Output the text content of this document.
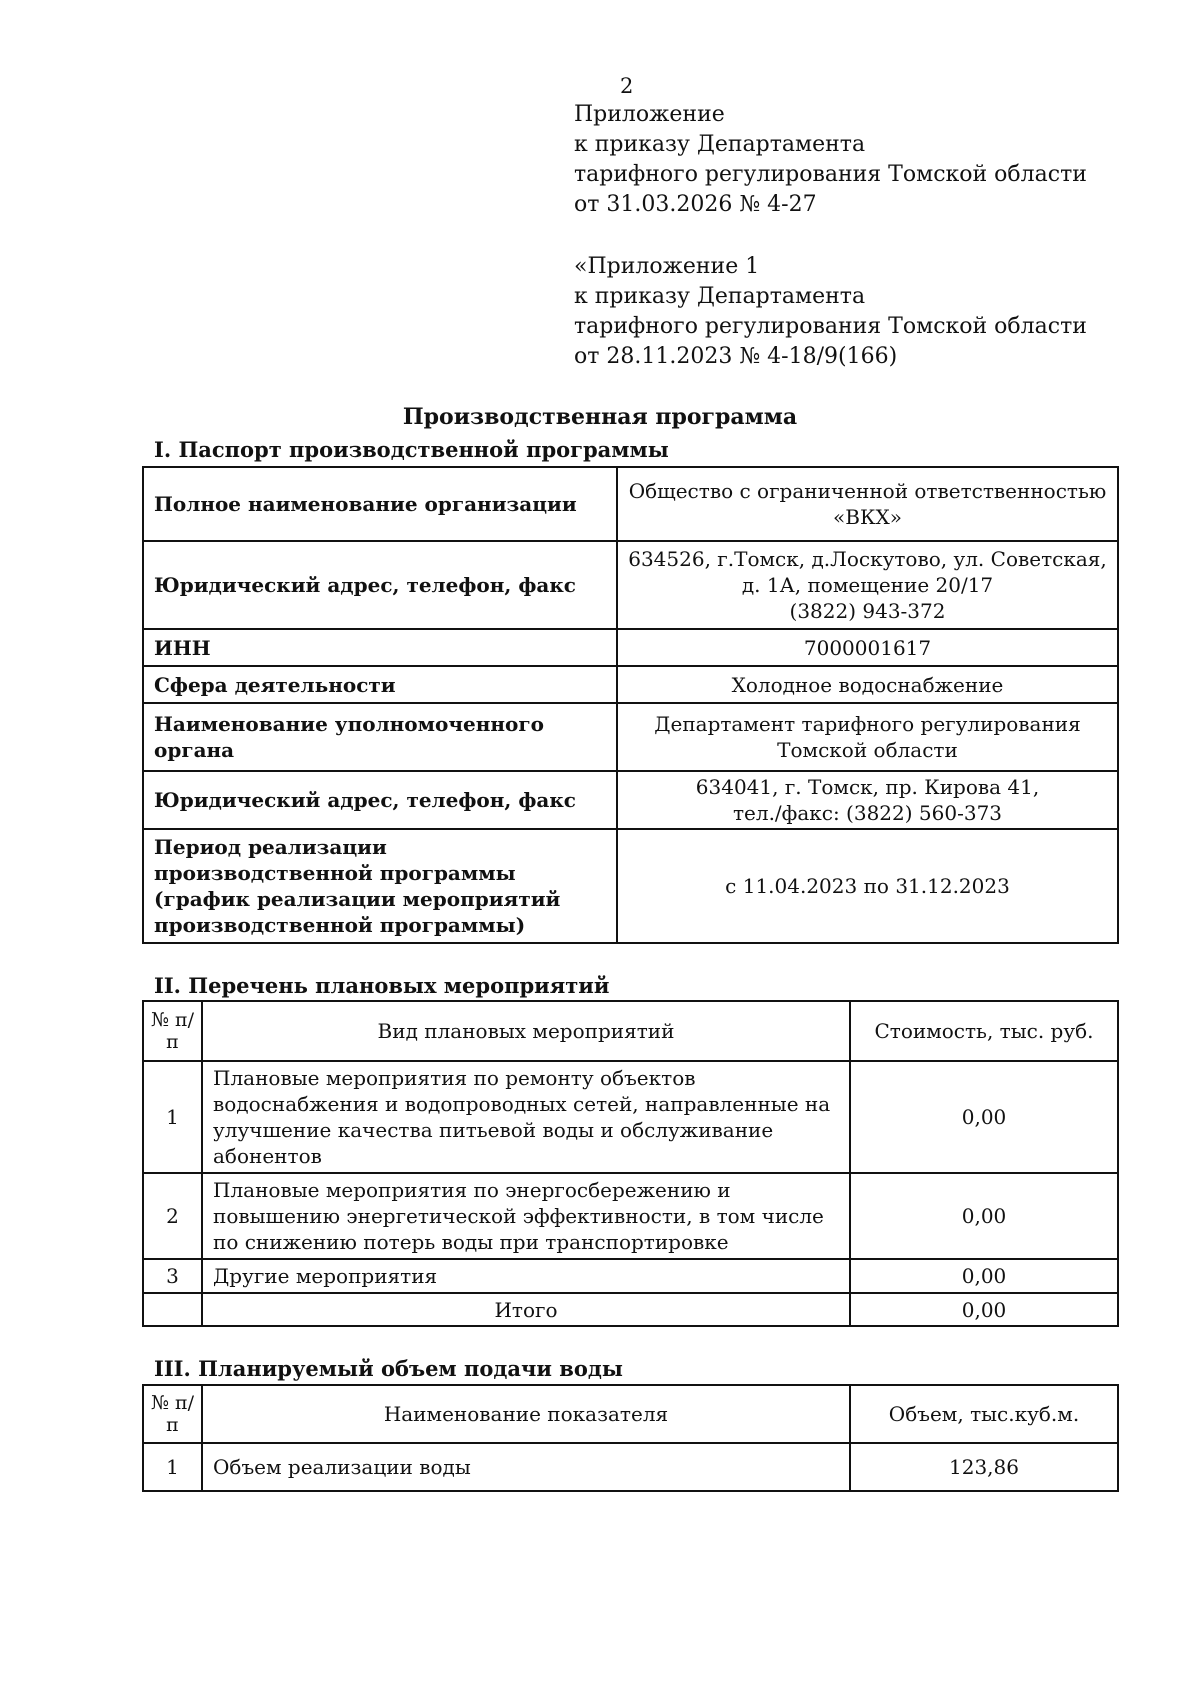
2
Приложение
к приказу Департамента
тарифного регулирования Томской области
от 31.03.2026 № 4-27
«Приложение 1
к приказу Департамента
тарифного регулирования Томской области
от 28.11.2023 № 4-18/9(166)
Производственная программа
I. Паспорт производственной программы
Полное наименование организации	Общество с ограниченной ответственностью «ВКХ»
Юридический адрес, телефон, факс	634526, г.Томск, д.Лоскутово, ул. Советская,
д. 1А, помещение 20/17
(3822) 943-372

ИНН	7000001617
Сфера деятельности	Холодное водоснабжение
Наименование уполномоченного органа	Департамент тарифного регулирования
Томской области

Юридический адрес, телефон, факс	634041, г. Томск, пр. Кирова 41,
тел./факс: (3822) 560-373

Период реализации производственной программы (график реализации мероприятий производственной программы)	с 11.04.2023 по 31.12.2023
II. Перечень плановых мероприятий
№ п/п	Вид плановых мероприятий	Стоимость, тыс. руб.
1	Плановые мероприятия по ремонту объектов водоснабжения и водопроводных сетей, направленные на улучшение качества питьевой воды и обслуживание абонентов	0,00
2	Плановые мероприятия по энергосбережению и повышению энергетической эффективности, в том числе по снижению потерь воды при транспортировке	0,00
3	Другие мероприятия	0,00
	Итого	0,00
III. Планируемый объем подачи воды
№ п/п	Наименование показателя	Объем, тыс.куб.м.
1	Объем реализации воды	123,86
